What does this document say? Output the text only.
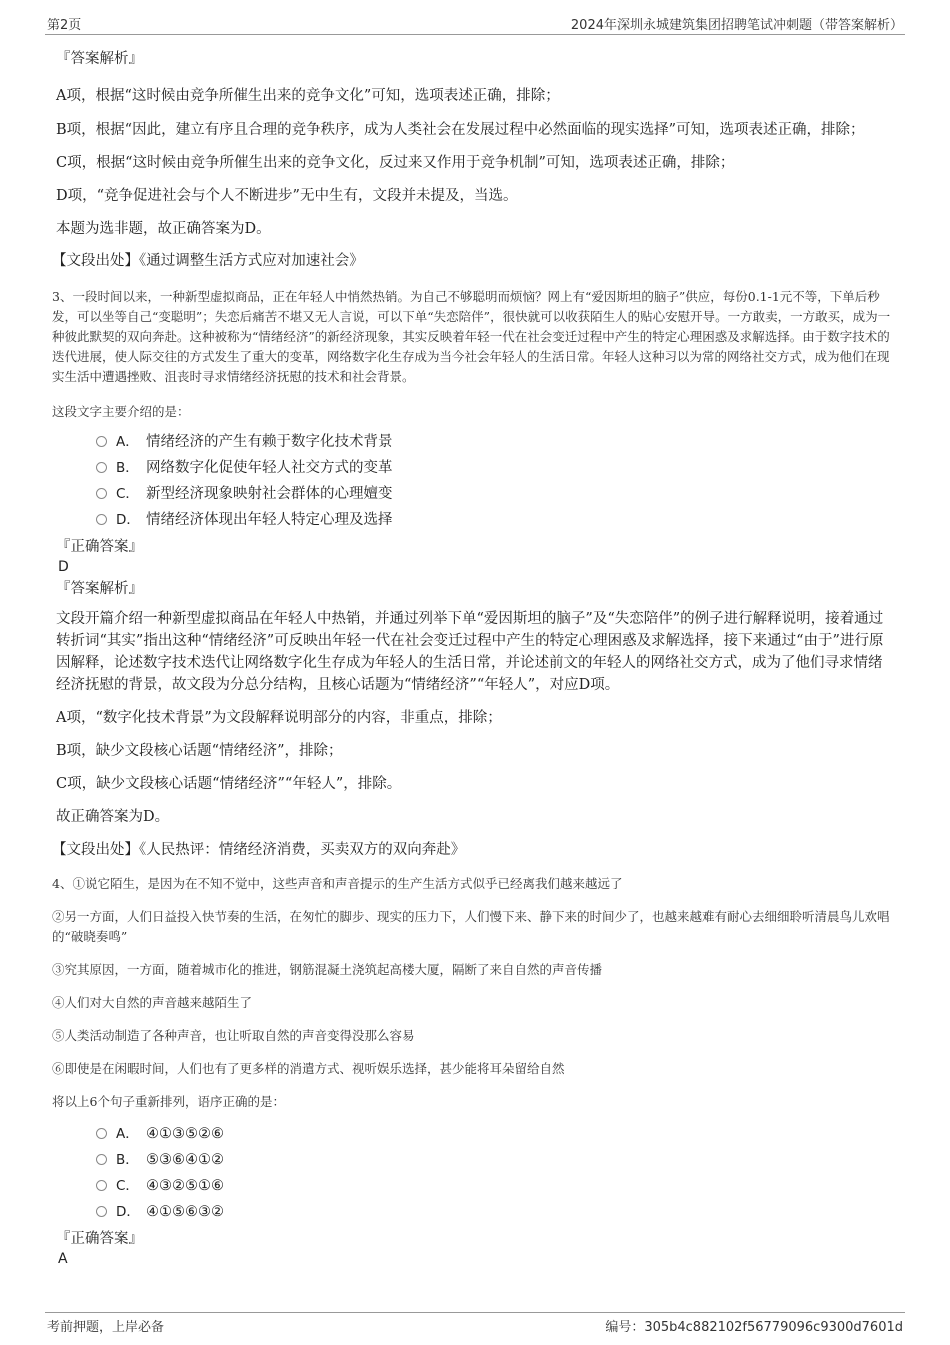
第2页	2024年深圳永城建筑集团招聘笔试冲刺题（带答案解析）

『答案解析』

A项，根据“这时候由竞争所催生出来的竞争文化”可知，选项表述正确，排除；

B项，根据“因此，建立有序且合理的竞争秩序，成为人类社会在发展过程中必然面临的现实选择”可知，选项表述正确，排除；

C项，根据“这时候由竞争所催生出来的竞争文化，反过来又作用于竞争机制”可知，选项表述正确，排除；

D项，“竞争促进社会与个人不断进步”无中生有，文段并未提及，当选。

本题为选非题，故正确答案为D。

【文段出处】《通过调整生活方式应对加速社会》

3、一段时间以来，一种新型虚拟商品，正在年轻人中悄然热销。为自己不够聪明而烦恼？网上有“爱因斯坦的脑子”供应，每份0.1-1元不等，下单后秒发，可以坐等自己“变聪明”；失恋后痛苦不堪又无人言说，可以下单“失恋陪伴”，很快就可以收获陌生人的贴心安慰开导。一方敢卖，一方敢买，成为一种彼此默契的双向奔赴。这种被称为“情绪经济”的新经济现象，其实反映着年轻一代在社会变迁过程中产生的特定心理困惑及求解选择。由于数字技术的迭代进展，使人际交往的方式发生了重大的变革，网络数字化生存成为当今社会年轻人的生活日常。年轻人这种习以为常的网络社交方式，成为他们在现实生活中遭遇挫败、沮丧时寻求情绪经济抚慰的技术和社会背景。

这段文字主要介绍的是：

A． 情绪经济的产生有赖于数字化技术背景
B． 网络数字化促使年轻人社交方式的变革
C． 新型经济现象映射社会群体的心理嬗变
D． 情绪经济体现出年轻人特定心理及选择

『正确答案』

D

『答案解析』

文段开篇介绍一种新型虚拟商品在年轻人中热销，并通过列举下单“爱因斯坦的脑子”及“失恋陪伴”的例子进行解释说明，接着通过转折词“其实”指出这种“情绪经济”可反映出年轻一代在社会变迁过程中产生的特定心理困惑及求解选择，接下来通过“由于”进行原因解释，论述数字技术迭代让网络数字化生存成为年轻人的生活日常，并论述前文的年轻人的网络社交方式，成为了他们寻求情绪经济抚慰的背景，故文段为分总分结构，且核心话题为“情绪经济”“年轻人”，对应D项。

A项，“数字化技术背景”为文段解释说明部分的内容，非重点，排除；

B项，缺少文段核心话题“情绪经济”，排除；

C项，缺少文段核心话题“情绪经济”“年轻人”，排除。

故正确答案为D。

【文段出处】《人民热评：情绪经济消费，买卖双方的双向奔赴》

4、①说它陌生，是因为在不知不觉中，这些声音和声音提示的生产生活方式似乎已经离我们越来越远了

②另一方面，人们日益投入快节奏的生活，在匆忙的脚步、现实的压力下，人们慢下来、静下来的时间少了，也越来越难有耐心去细细聆听清晨鸟儿欢唱的“破晓奏鸣”

③究其原因，一方面，随着城市化的推进，钢筋混凝土浇筑起高楼大厦，隔断了来自自然的声音传播

④人们对大自然的声音越来越陌生了

⑤人类活动制造了各种声音，也让听取自然的声音变得没那么容易

⑥即使是在闲暇时间，人们也有了更多样的消遣方式、视听娱乐选择，甚少能将耳朵留给自然

将以上6个句子重新排列，语序正确的是：

A． ④①③⑤②⑥
B． ⑤③⑥④①②
C． ④③②⑤①⑥
D． ④①⑤⑥③②

『正确答案』

A

考前押题，上岸必备	编号：305b4c882102f56779096c9300d7601d
